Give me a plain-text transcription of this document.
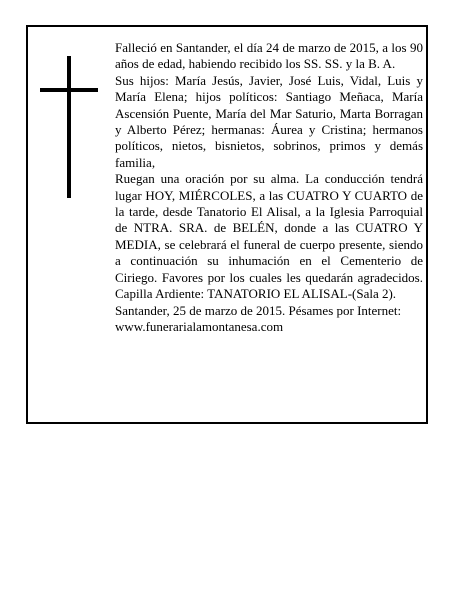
Falleció en Santander, el día 24 de marzo de 2015, a los 90 años de edad, habiendo recibido los SS. SS. y la B. A.

Sus hijos: María Jesús, Javier, José Luis, Vidal, Luis y María Elena; hijos políticos: Santiago Meñaca, María Ascensión Puente, María del Mar Saturio, Marta Borragan y Alberto Pérez; hermanas: Áurea y Cristina; hermanos políticos, nietos, bisnietos, sobrinos, primos y demás familia,

Ruegan una oración por su alma. La conducción tendrá lugar HOY, MIÉRCOLES, a las CUATRO Y CUARTO de la tarde, desde Tanatorio El Alisal, a la Iglesia Parroquial de NTRA. SRA. de BELÉN, donde a las CUATRO Y MEDIA, se celebrará el funeral de cuerpo presente, siendo a continuación su inhumación en el Cementerio de Ciriego. Favores por los cuales les quedarán agradecidos. Capilla Ardiente: TANATORIO EL ALISAL-(Sala 2).

Santander, 25 de marzo de 2015. Pésames por Internet: www.funerarialamontanesa.com
